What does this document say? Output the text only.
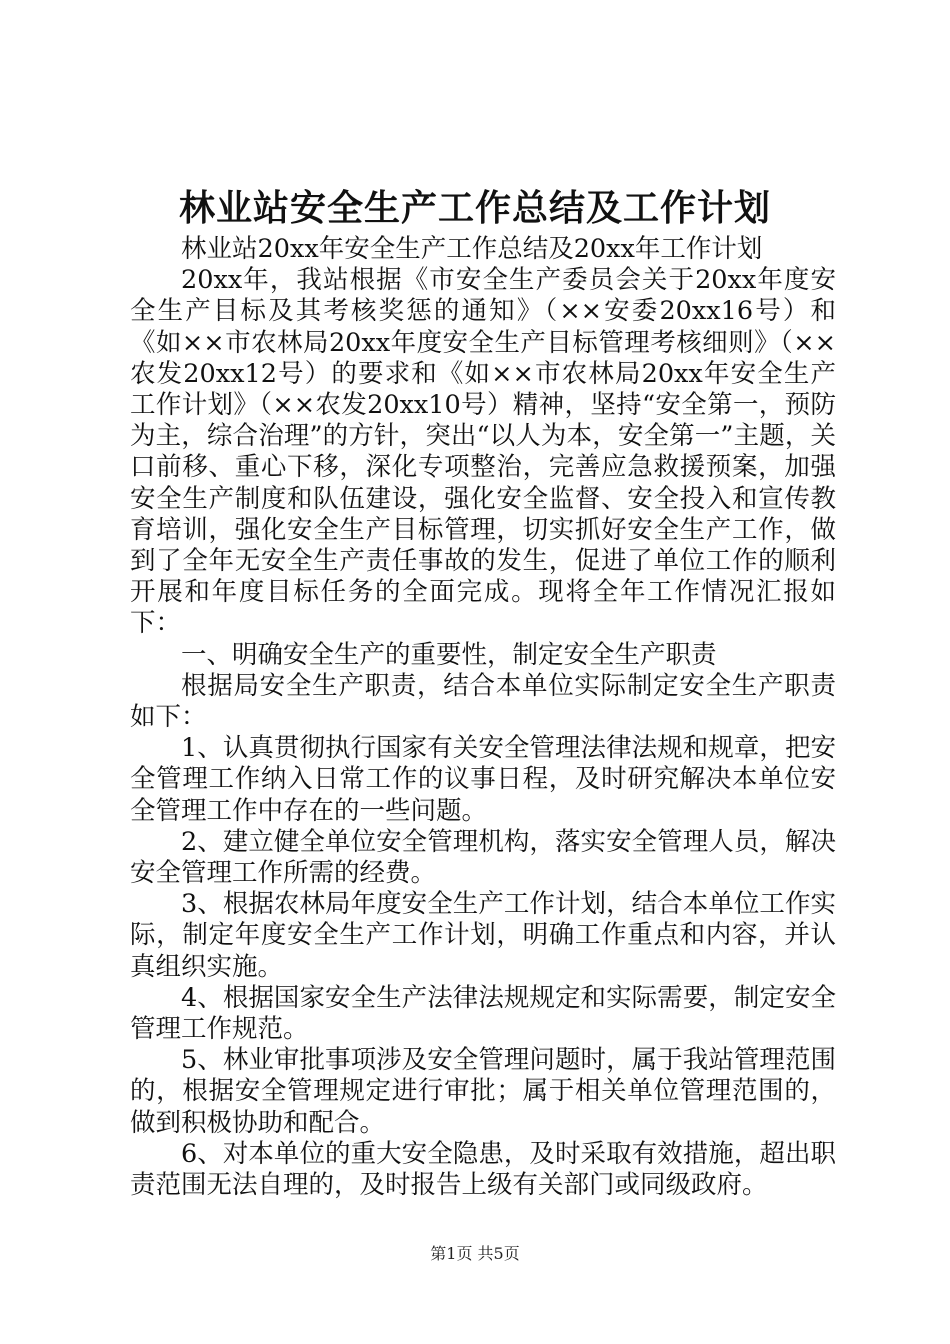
林业站安全生产工作总结及工作计划

林业站20xx年安全生产工作总结及20xx年工作计划

20xx年，我站根据《市安全生产委员会关于20xx年度安全生产目标及其考核奖惩的通知》（××安委20xx16号）和《如××市农林局20xx年度安全生产目标管理考核细则》（××农发20xx12号）的要求和《如××市农林局20xx年安全生产工作计划》（××农发20xx10号）精神，坚持“安全第一，预防为主，综合治理”的方针，突出“以人为本，安全第一”主题，关口前移、重心下移，深化专项整治，完善应急救援预案，加强安全生产制度和队伍建设，强化安全监督、安全投入和宣传教育培训，强化安全生产目标管理，切实抓好安全生产工作，做到了全年无安全生产责任事故的发生，促进了单位工作的顺利开展和年度目标任务的全面完成。现将全年工作情况汇报如下：

一、明确安全生产的重要性，制定安全生产职责

根据局安全生产职责，结合本单位实际制定安全生产职责如下：

1、认真贯彻执行国家有关安全管理法律法规和规章，把安全管理工作纳入日常工作的议事日程，及时研究解决本单位安全管理工作中存在的一些问题。

2、建立健全单位安全管理机构，落实安全管理人员，解决安全管理工作所需的经费。

3、根据农林局年度安全生产工作计划，结合本单位工作实际，制定年度安全生产工作计划，明确工作重点和内容，并认真组织实施。

4、根据国家安全生产法律法规规定和实际需要，制定安全管理工作规范。

5、林业审批事项涉及安全管理问题时，属于我站管理范围的，根据安全管理规定进行审批；属于相关单位管理范围的，做到积极协助和配合。

6、对本单位的重大安全隐患，及时采取有效措施，超出职责范围无法自理的，及时报告上级有关部门或同级政府。

第1页 共5页
